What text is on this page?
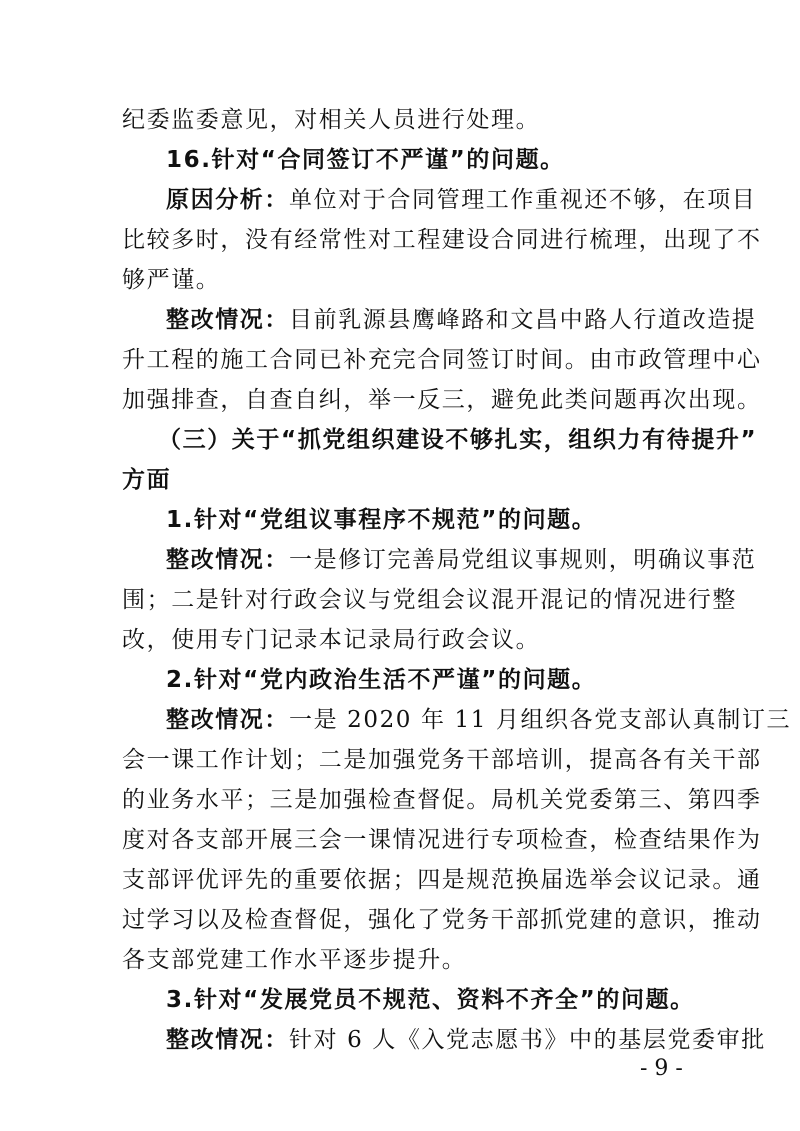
纪委监委意见，对相关人员进行处理。
16.针对“合同签订不严谨”的问题。
原因分析：单位对于合同管理工作重视还不够，在项目
比较多时，没有经常性对工程建设合同进行梳理，出现了不
够严谨。
整改情况：目前乳源县鹰峰路和文昌中路人行道改造提
升工程的施工合同已补充完合同签订时间。由市政管理中心
加强排查，自查自纠，举一反三，避免此类问题再次出现。
（三）关于“抓党组织建设不够扎实，组织力有待提升”
方面
1.针对“党组议事程序不规范”的问题。
整改情况：一是修订完善局党组议事规则，明确议事范
围；二是针对行政会议与党组会议混开混记的情况进行整
改，使用专门记录本记录局行政会议。
2.针对“党内政治生活不严谨”的问题。
整改情况：一是 2020 年 11 月组织各党支部认真制订三
会一课工作计划；二是加强党务干部培训，提高各有关干部
的业务水平；三是加强检查督促。局机关党委第三、第四季
度对各支部开展三会一课情况进行专项检查，检查结果作为
支部评优评先的重要依据；四是规范换届选举会议记录。通
过学习以及检查督促，强化了党务干部抓党建的意识，推动
各支部党建工作水平逐步提升。
3.针对“发展党员不规范、资料不齐全”的问题。
整改情况：针对 6 人《入党志愿书》中的基层党委审批
- 9 -
